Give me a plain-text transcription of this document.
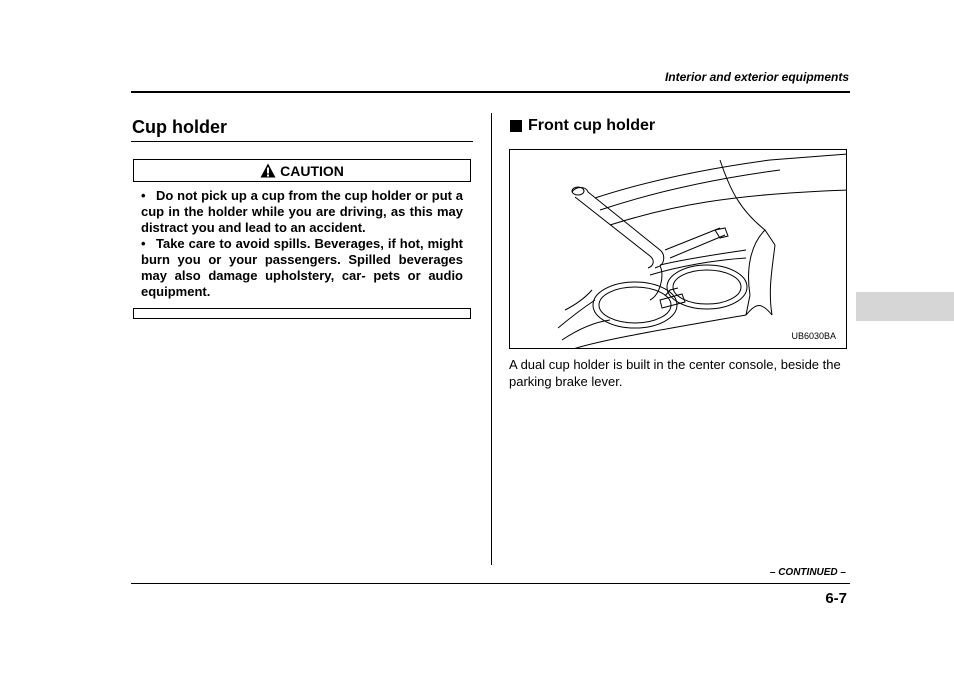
Interior and exterior equipments
Cup holder
CAUTION
• Do not pick up a cup from the cup holder or put a cup in the holder while you are driving, as this may distract you and lead to an accident.
• Take care to avoid spills. Beverages, if hot, might burn you or your passengers. Spilled beverages may also damage upholstery, car- pets or audio equipment.
Front cup holder
UB6030BA
A dual cup holder is built in the center console, beside the parking brake lever.
– CONTINUED –
6-7
